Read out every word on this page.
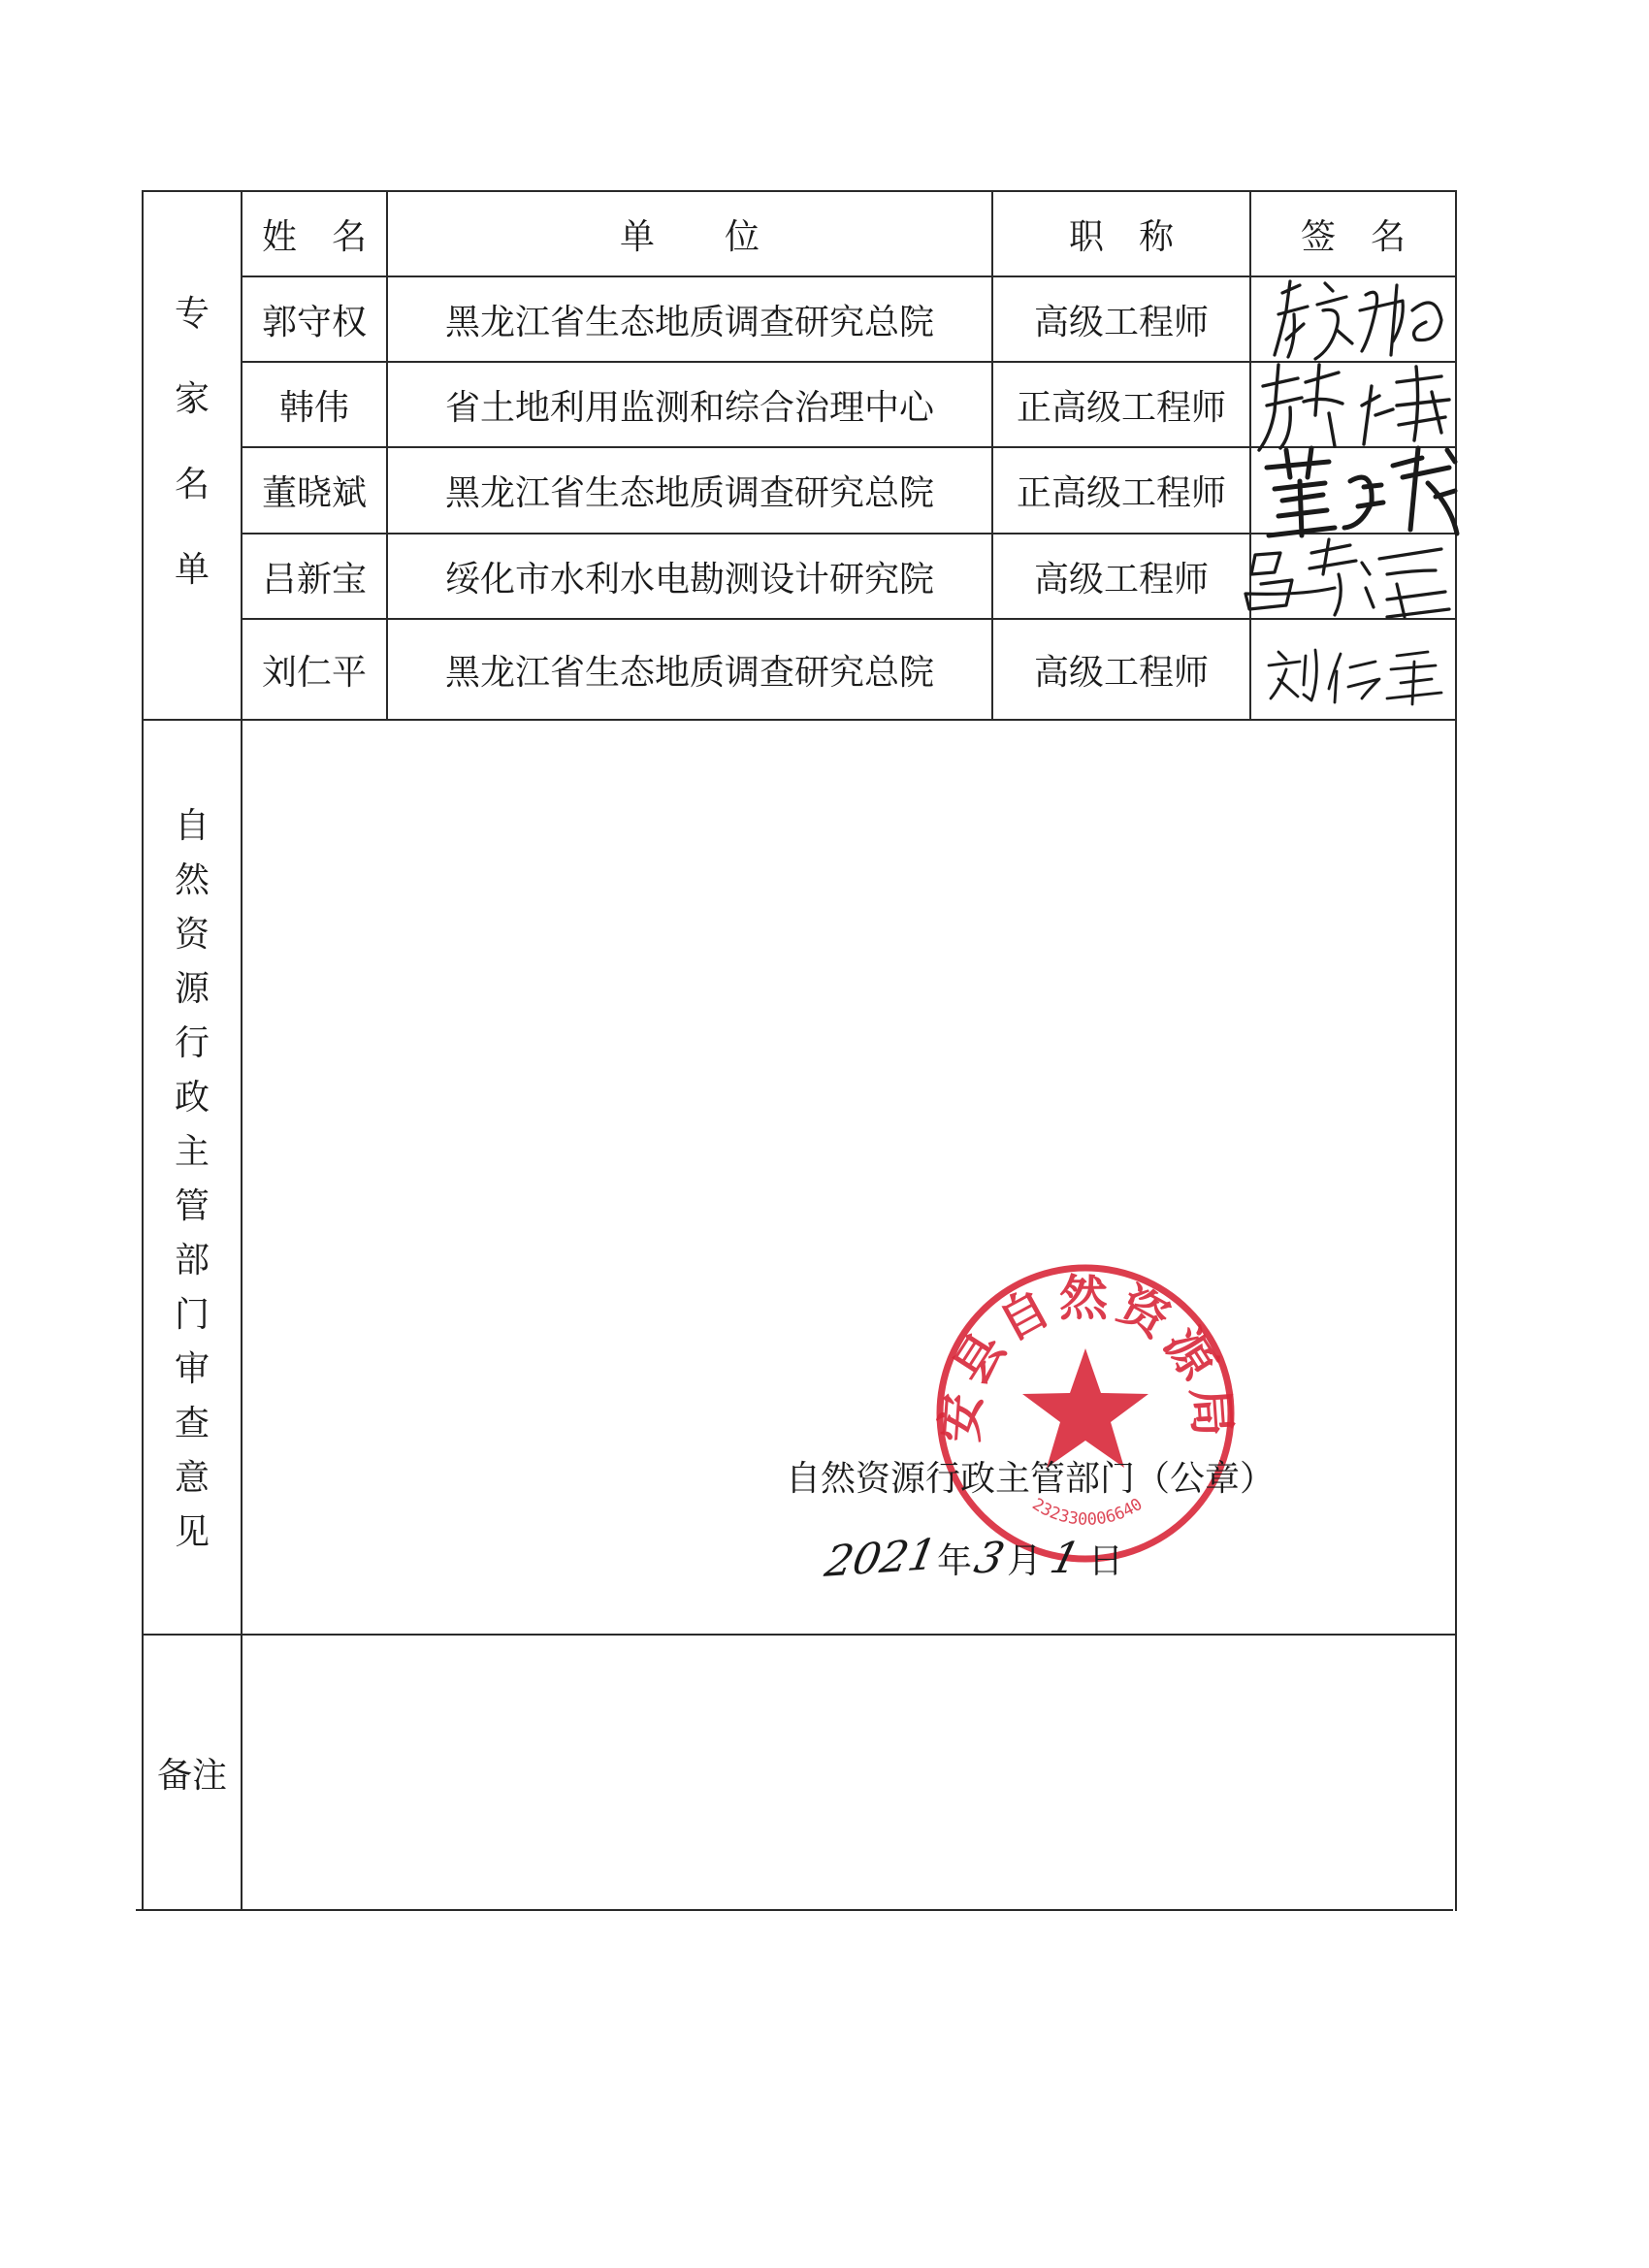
专
家
名
单
姓　名	单　　位	职　称	签　名
郭守权	黑龙江省生态地质调查研究总院	高级工程师
韩伟	省土地利用监测和综合治理中心	正高级工程师
董晓斌	黑龙江省生态地质调查研究总院	正高级工程师
吕新宝	绥化市水利水电勘测设计研究院	高级工程师
刘仁平	黑龙江省生态地质调查研究总院	高级工程师
自
然
资
源
行
政
主
管
部
门
审
查
意
见
安县自然资源局
232330006640
自然资源行政主管部门（公章）
2021
年
3
月 1 日
备注
